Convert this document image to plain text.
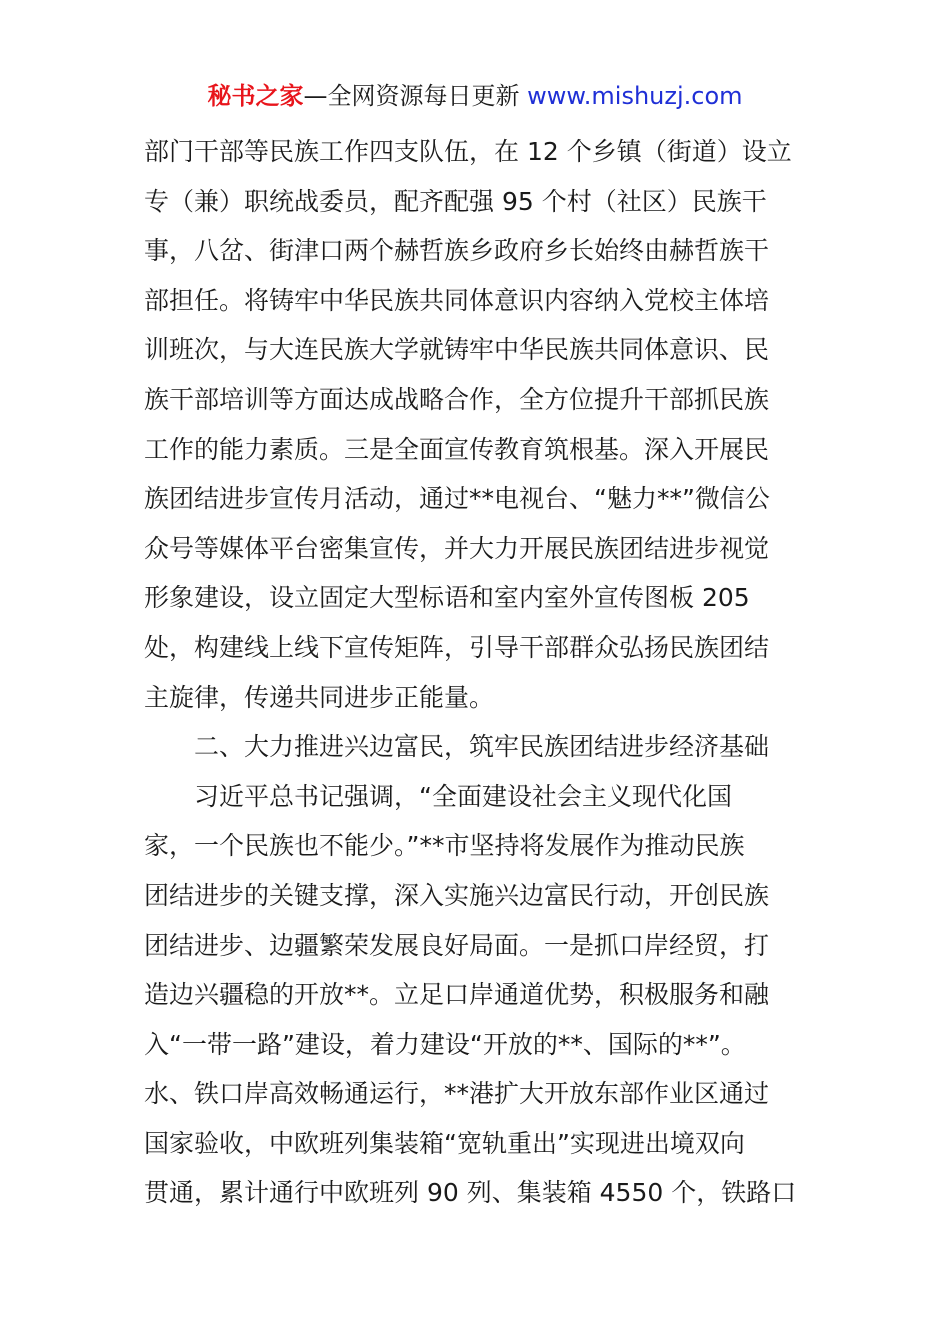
秘书之家—全网资源每日更新 www.mishuzj.com
部门干部等民族工作四支队伍，在 12 个乡镇（街道）设立
专（兼）职统战委员，配齐配强 95 个村（社区）民族干
事，八岔、街津口两个赫哲族乡政府乡长始终由赫哲族干
部担任。将铸牢中华民族共同体意识内容纳入党校主体培
训班次，与大连民族大学就铸牢中华民族共同体意识、民
族干部培训等方面达成战略合作，全方位提升干部抓民族
工作的能力素质。三是全面宣传教育筑根基。深入开展民
族团结进步宣传月活动，通过**电视台、“魅力**”微信公
众号等媒体平台密集宣传，并大力开展民族团结进步视觉
形象建设，设立固定大型标语和室内室外宣传图板 205
处，构建线上线下宣传矩阵，引导干部群众弘扬民族团结
主旋律，传递共同进步正能量。
二、大力推进兴边富民，筑牢民族团结进步经济基础
习近平总书记强调，“全面建设社会主义现代化国
家，一个民族也不能少。”**市坚持将发展作为推动民族
团结进步的关键支撑，深入实施兴边富民行动，开创民族
团结进步、边疆繁荣发展良好局面。一是抓口岸经贸，打
造边兴疆稳的开放**。立足口岸通道优势，积极服务和融
入“一带一路”建设，着力建设“开放的**、国际的**”。
水、铁口岸高效畅通运行，**港扩大开放东部作业区通过
国家验收，中欧班列集装箱“宽轨重出”实现进出境双向
贯通，累计通行中欧班列 90 列、集装箱 4550 个，铁路口
